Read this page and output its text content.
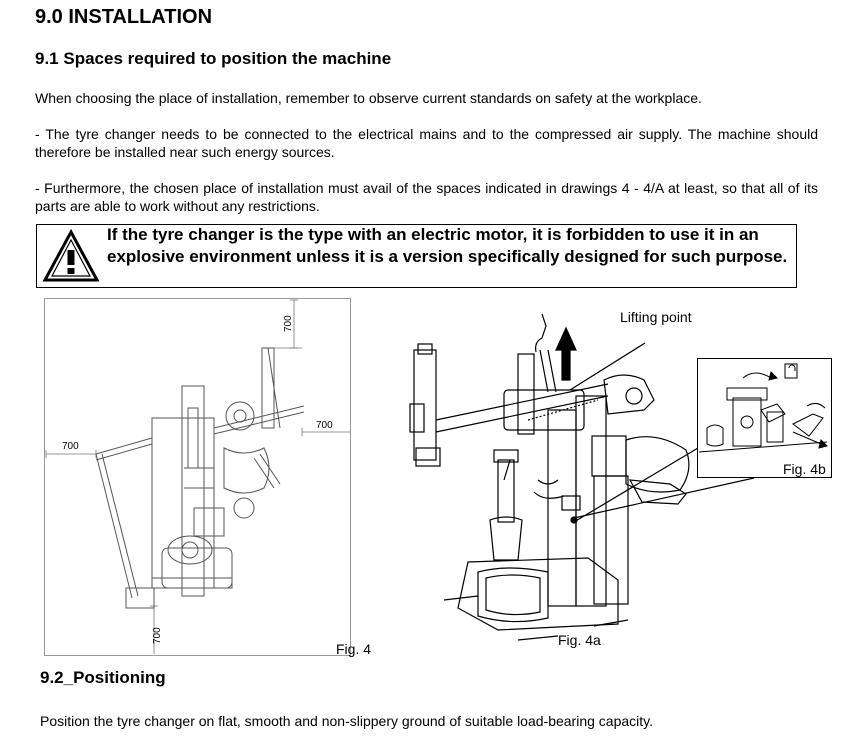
9.0 INSTALLATION
9.1 Spaces required to position the machine
When choosing the place of installation, remember to observe current standards on safety at the workplace.
- The tyre changer needs to be connected to the electrical mains and to the compressed air supply. The machine should therefore be installed near such energy sources.
- Furthermore, the chosen place of installation must avail of the spaces indicated in drawings 4 - 4/A at least, so that all of its parts are able to work without any restrictions.
If the tyre changer is the type with an electric motor, it is forbidden to use it in an explosive environment unless it is a version specifically designed for such purpose.
700
700
700
700
Fig. 4
Lifting point
Fig. 4a
Fig. 4b
9.2_Positioning
Position the tyre changer on flat, smooth and non-slippery ground of suitable load-bearing capacity.
